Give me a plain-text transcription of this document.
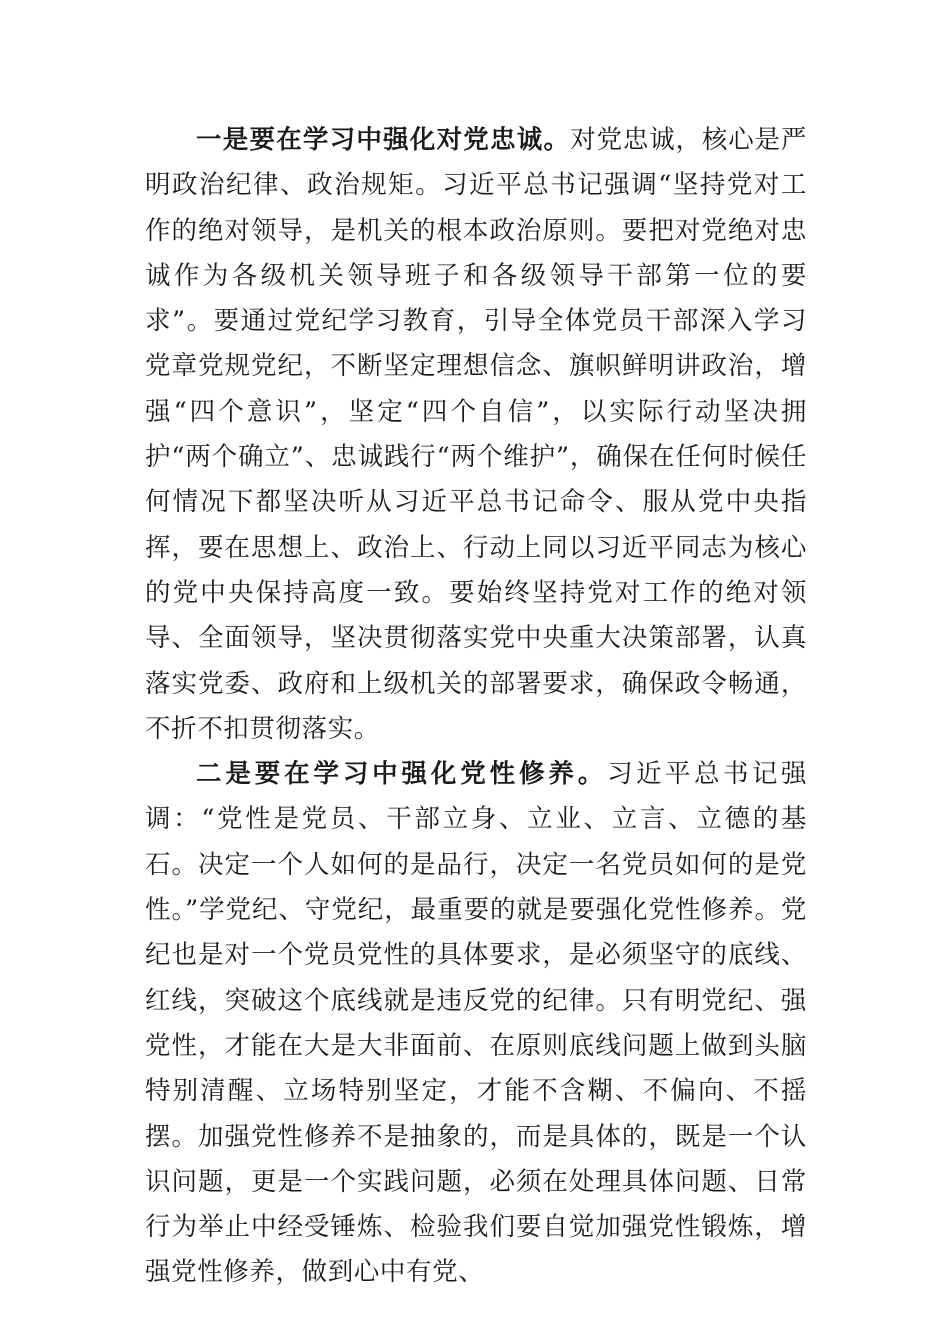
一是要在学习中强化对党忠诚。对党忠诚，核心是严明政治纪律、政治规矩。习近平总书记强调“坚持党对工作的绝对领导，是机关的根本政治原则。要把对党绝对忠诚作为各级机关领导班子和各级领导干部第一位的要求”。要通过党纪学习教育，引导全体党员干部深入学习党章党规党纪，不断坚定理想信念、旗帜鲜明讲政治，增强“四个意识”，坚定“四个自信”，以实际行动坚决拥护“两个确立”、忠诚践行“两个维护”，确保在任何时候任何情况下都坚决听从习近平总书记命令、服从党中央指挥，要在思想上、政治上、行动上同以习近平同志为核心的党中央保持高度一致。要始终坚持党对工作的绝对领导、全面领导，坚决贯彻落实党中央重大决策部署，认真落实党委、政府和上级机关的部署要求，确保政令畅通，不折不扣贯彻落实。

二是要在学习中强化党性修养。习近平总书记强调：“党性是党员、干部立身、立业、立言、立德的基石。决定一个人如何的是品行，决定一名党员如何的是党性。”学党纪、守党纪，最重要的就是要强化党性修养。党纪也是对一个党员党性的具体要求，是必须坚守的底线、红线，突破这个底线就是违反党的纪律。只有明党纪、强党性，才能在大是大非面前、在原则底线问题上做到头脑特别清醒、立场特别坚定，才能不含糊、不偏向、不摇摆。加强党性修养不是抽象的，而是具体的，既是一个认识问题，更是一个实践问题，必须在处理具体问题、日常行为举止中经受锤炼、检验我们要自觉加强党性锻炼，增强党性修养，做到心中有党、
